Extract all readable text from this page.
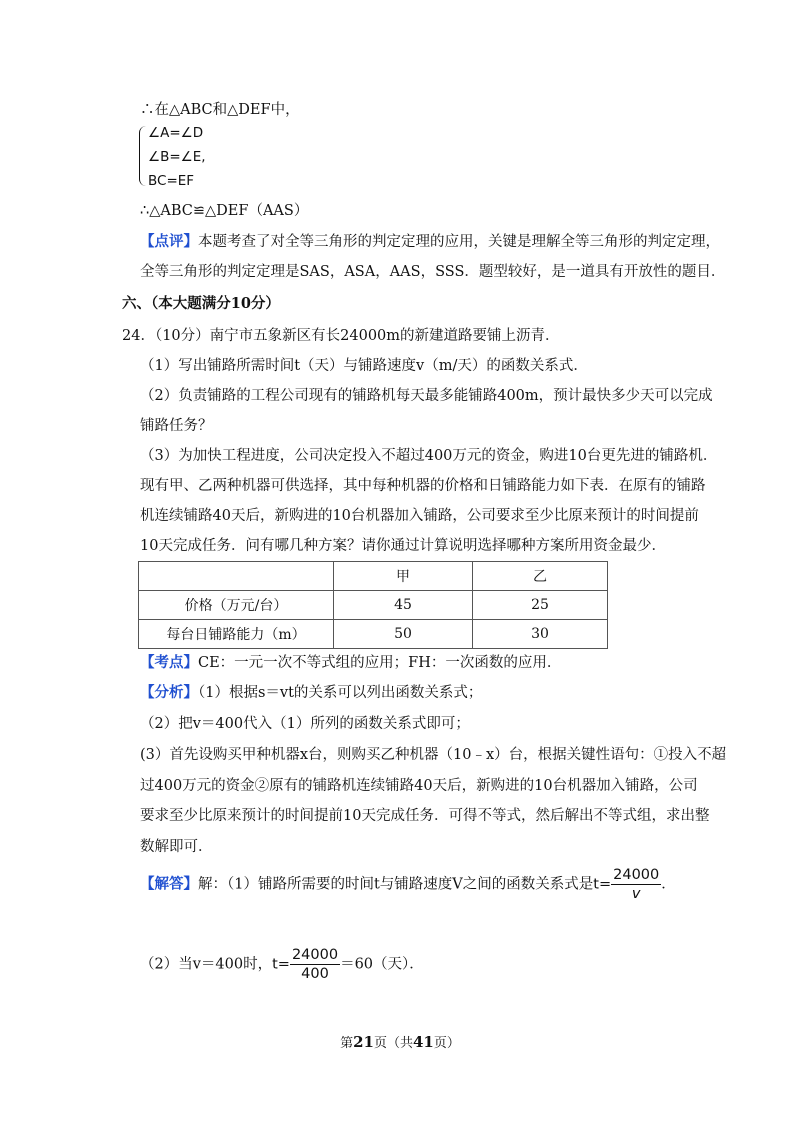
∴在△ABC和△DEF中，
∠A=∠D
∠B=∠E,
BC=EF
∴△ABC≌△DEF（AAS）
【点评】本题考查了对全等三角形的判定定理的应用，关键是理解全等三角形的判定定理，
全等三角形的判定定理是SAS，ASA，AAS，SSS．题型较好，是一道具有开放性的题目．
六、（本大题满分10分）
24．（10分）南宁市五象新区有长24000m的新建道路要铺上沥青．
（1）写出铺路所需时间t（天）与铺路速度v（m/天）的函数关系式．
（2）负责铺路的工程公司现有的铺路机每天最多能铺路400m，预计最快多少天可以完成
铺路任务？
（3）为加快工程进度，公司决定投入不超过400万元的资金，购进10台更先进的铺路机．
现有甲、乙两种机器可供选择，其中每种机器的价格和日铺路能力如下表．在原有的铺路
机连续铺路40天后，新购进的10台机器加入铺路，公司要求至少比原来预计的时间提前
10天完成任务．问有哪几种方案？请你通过计算说明选择哪种方案所用资金最少．
	甲	乙
价格（万元/台）	45	25
每台日铺路能力（m）	50	30
【考点】CE：一元一次不等式组的应用；FH：一次函数的应用．
【分析】（1）根据s＝vt的关系可以列出函数关系式；
（2）把v＝400代入（1）所列的函数关系式即可；
(3）首先设购买甲种机器x台，则购买乙种机器（10﹣x）台，根据关键性语句：①投入不超
过400万元的资金②原有的铺路机连续铺路40天后，新购进的10台机器加入铺路，公司
要求至少比原来预计的时间提前10天完成任务．可得不等式，然后解出不等式组，求出整
数解即可．
【解答】解：（1）铺路所需要的时间t与铺路速度V之间的函数关系式是$t= \frac{24000}{v}$ ．
（2）当v＝400时，$t= \frac{24000}{400} =60$（天）．
第21页（共41页）
